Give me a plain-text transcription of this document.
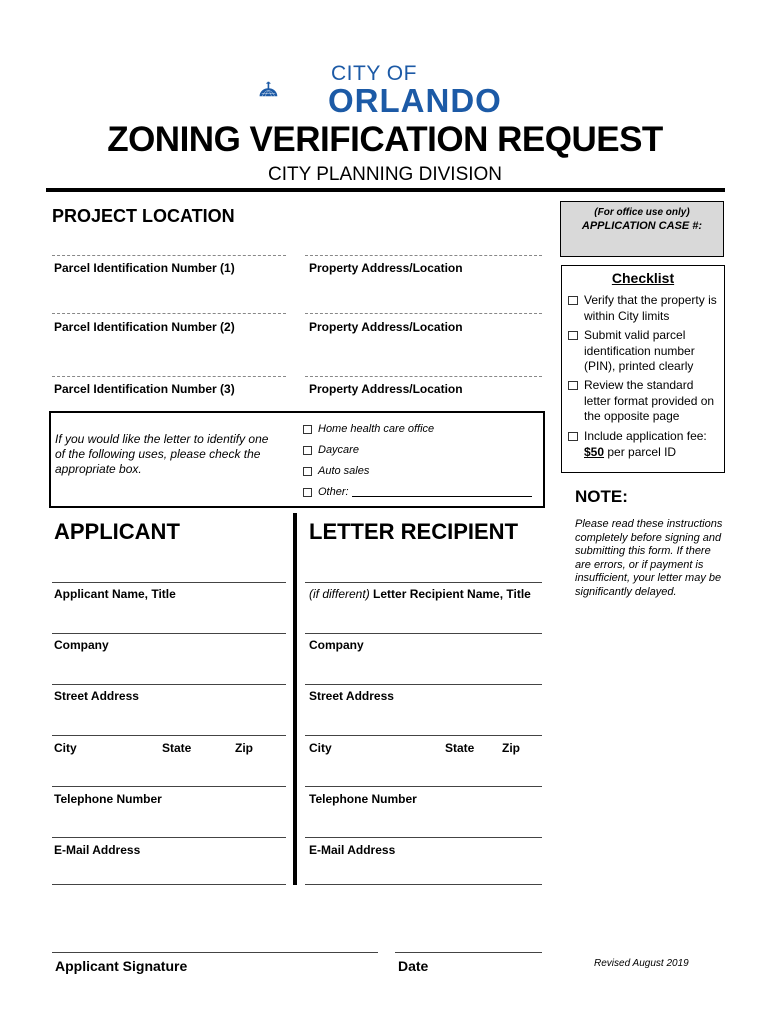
CITY OF
ORLANDO
ZONING VERIFICATION REQUEST
CITY PLANNING DIVISION
PROJECT LOCATION	(For office use only)
APPLICATION CASE #:
Parcel Identification Number (1)	Property Address/Location
Parcel Identification Number (2)	Property Address/Location
Parcel Identification Number (3)	Property Address/Location
Checklist
Verify that the property is within City limits
Submit valid parcel identification number (PIN), printed clearly
Review the standard letter format provided on the opposite page
Include application fee:
$50 per parcel ID
If you would like the letter to identify one of the following uses, please check the appropriate box.
Home health care office
Daycare
Auto sales
Other:	NOTE:
Please read these instructions completely before signing and submitting this form. If there are errors, or if payment is insufficient, your letter may be significantly delayed.
APPLICANT	LETTER RECIPIENT
Applicant Name, Title
Company
Street Address
City	State	Zip
Telephone Number
E-Mail Address
(if different) Letter Recipient Name, Title
Company
Street Address
City	State Zip
Telephone Number
E-Mail Address
Applicant Signature	Date	Revised August 2019
